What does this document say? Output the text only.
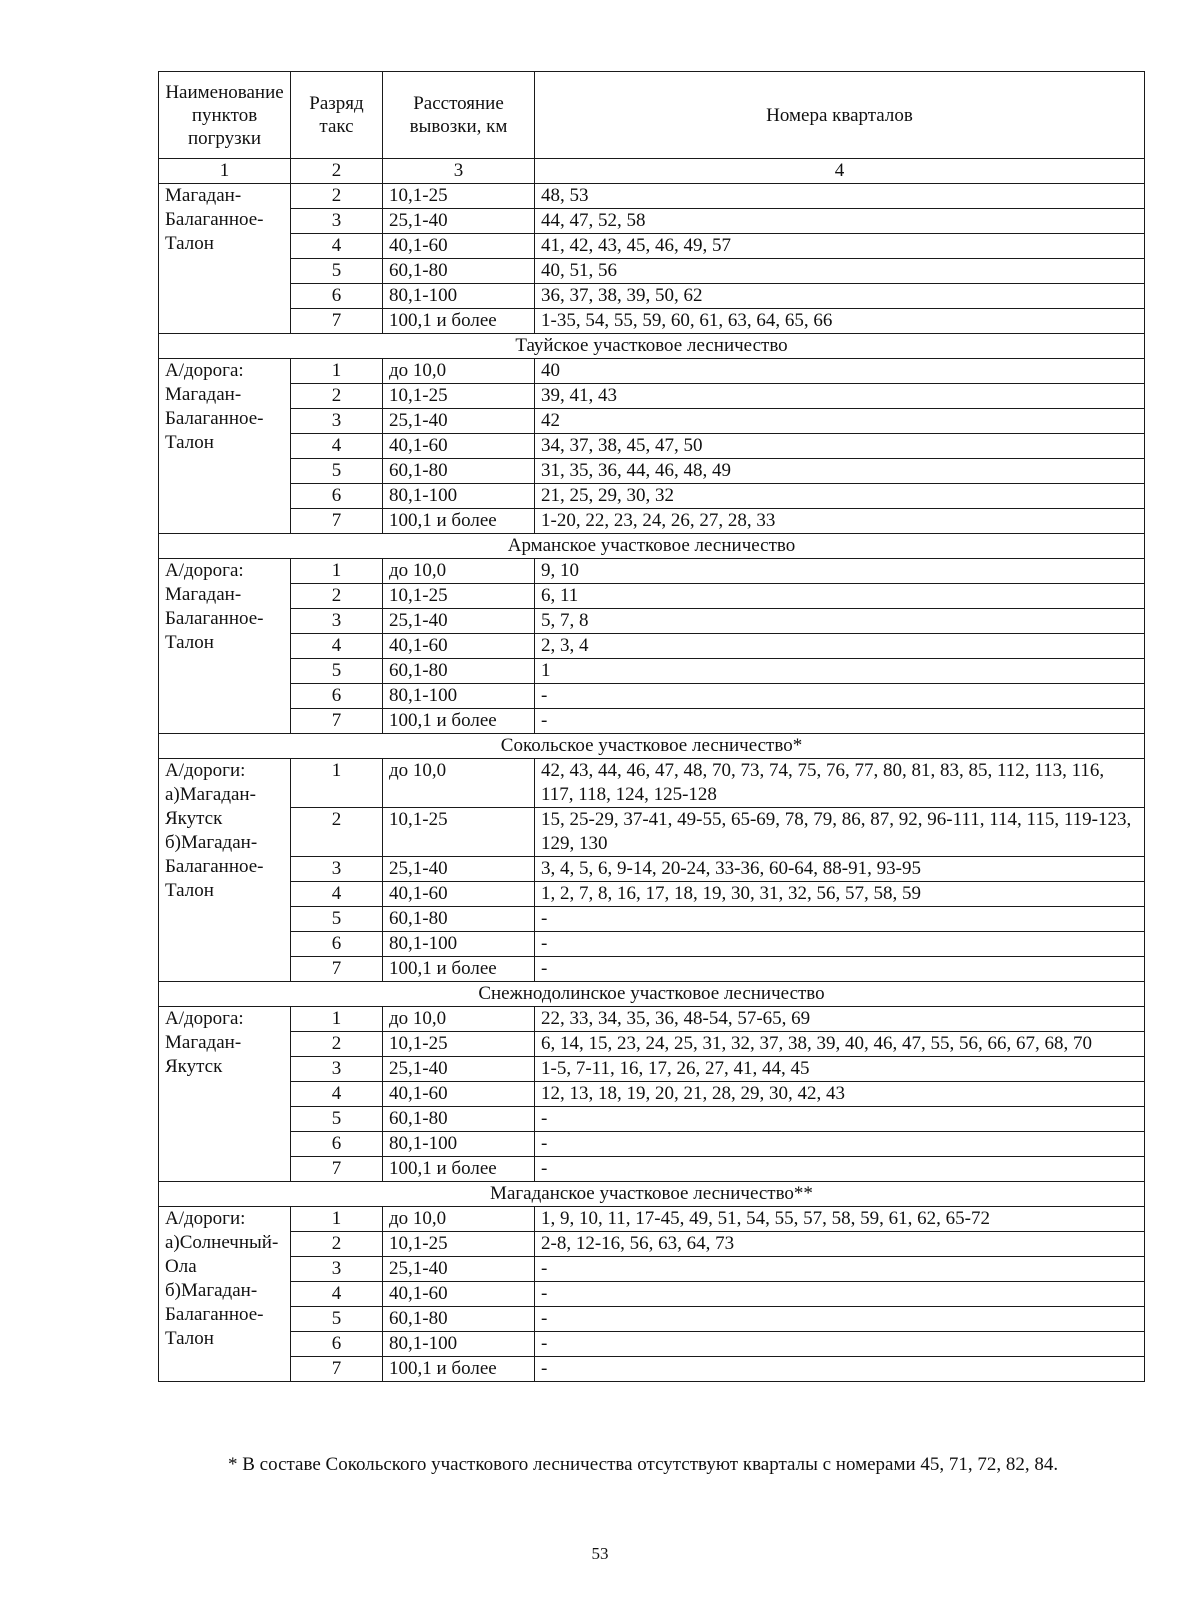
Наименование пунктов погрузки	Разряд такс	Расстояние вывозки, км	Номера кварталов
1	2	3	4
Магадан-Балаганное-Талон	2	10,1-25	48, 53
	3	25,1-40	44, 47, 52, 58
	4	40,1-60	41, 42, 43, 45, 46, 49, 57
	5	60,1-80	40, 51, 56
	6	80,1-100	36, 37, 38, 39, 50, 62
	7	100,1 и более	1-35, 54, 55, 59, 60, 61, 63, 64, 65, 66
Тауйское участковое лесничество			
А/дорога: Магадан-Балаганное-Талон	1	до 10,0	40
	2	10,1-25	39, 41, 43
	3	25,1-40	42
	4	40,1-60	34, 37, 38, 45, 47, 50
	5	60,1-80	31, 35, 36, 44, 46, 48, 49
	6	80,1-100	21, 25, 29, 30, 32
	7	100,1 и более	1-20, 22, 23, 24, 26, 27, 28, 33
Арманское участковое лесничество			
А/дорога: Магадан-Балаганное-Талон	1	до 10,0	9, 10
	2	10,1-25	6, 11
	3	25,1-40	5, 7, 8
	4	40,1-60	2, 3, 4
	5	60,1-80	1
	6	80,1-100	-
	7	100,1 и более	-
Сокольское участковое лесничество*			
А/дороги: а)Магадан-Якутск б)Магадан-Балаганное-Талон	1	до 10,0	42, 43, 44, 46, 47, 48, 70, 73, 74, 75, 76, 77, 80, 81, 83, 85, 112, 113, 116, 117, 118, 124, 125-128
	2	10,1-25	15, 25-29, 37-41, 49-55, 65-69, 78, 79, 86, 87, 92, 96-111, 114, 115, 119-123, 129, 130
	3	25,1-40	3, 4, 5, 6, 9-14, 20-24, 33-36, 60-64, 88-91, 93-95
	4	40,1-60	1, 2, 7, 8, 16, 17, 18, 19, 30, 31, 32, 56, 57, 58, 59
	5	60,1-80	-
	6	80,1-100	-
	7	100,1 и более	-
Снежнодолинское участковое лесничество			
А/дорога: Магадан-Якутск	1	до 10,0	22, 33, 34, 35, 36, 48-54, 57-65, 69
	2	10,1-25	6, 14, 15, 23, 24, 25, 31, 32, 37, 38, 39, 40, 46, 47, 55, 56, 66, 67, 68, 70
	3	25,1-40	1-5, 7-11, 16, 17, 26, 27, 41, 44, 45
	4	40,1-60	12, 13, 18, 19, 20, 21, 28, 29, 30, 42, 43
	5	60,1-80	-
	6	80,1-100	-
	7	100,1 и более	-
Магаданское участковое лесничество**			
А/дороги: а)Солнечный- Ола б)Магадан-Балаганное-Талон	1	до 10,0	1, 9, 10, 11, 17-45, 49, 51, 54, 55, 57, 58, 59, 61, 62, 65-72
	2	10,1-25	2-8, 12-16, 56, 63, 64, 73
	3	25,1-40	-
	4	40,1-60	-
	5	60,1-80	-
	6	80,1-100	-
	7	100,1 и более	-
* В составе Сокольского участкового лесничества отсутствуют кварталы с номерами 45, 71, 72, 82, 84.
53
